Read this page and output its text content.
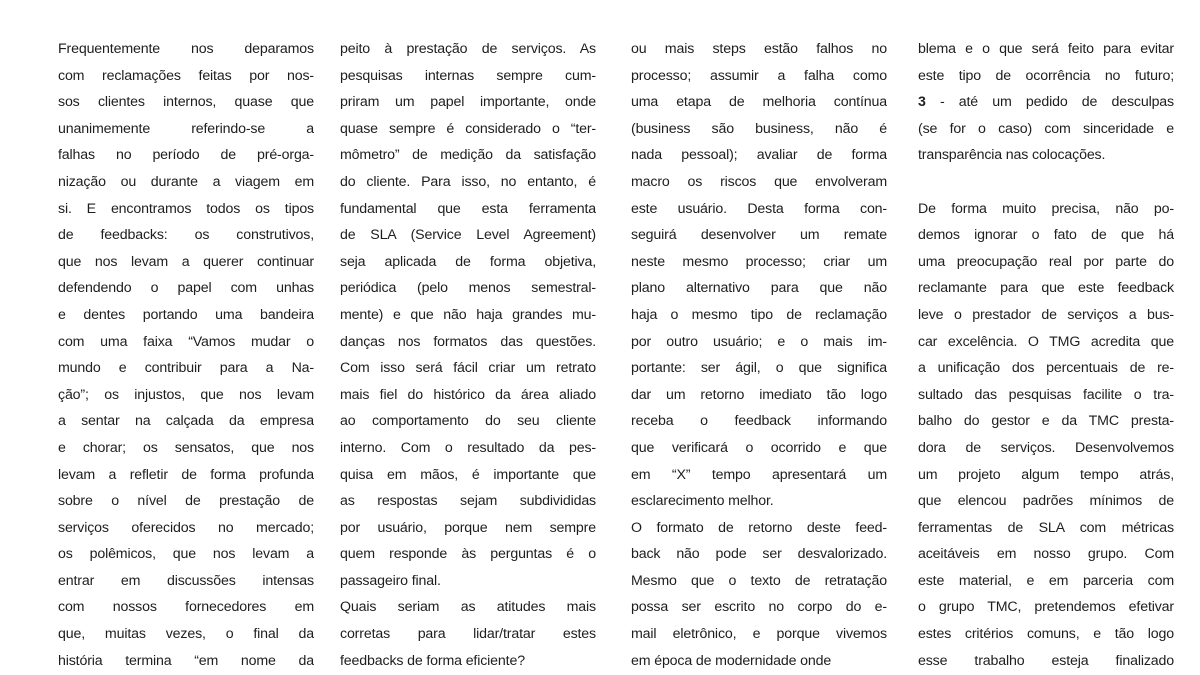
Frequentemente nos deparamos
com reclamações feitas por nos-
sos clientes internos, quase que
unanimemente referindo-se a
falhas no período de pré-orga-
nização ou durante a viagem em
si. E encontramos todos os tipos
de feedbacks: os construtivos,
que nos levam a querer continuar
defendendo o papel com unhas
e dentes portando uma bandeira
com uma faixa “Vamos mudar o
mundo e contribuir para a Na-
ção”; os injustos, que nos levam
a sentar na calçada da empresa
e chorar; os sensatos, que nos
levam a refletir de forma profunda
sobre o nível de prestação de
serviços oferecidos no mercado;
os polêmicos, que nos levam a
entrar em discussões intensas
com nossos fornecedores em
que, muitas vezes, o final da
história termina “em nome da
peito à prestação de serviços. As
pesquisas internas sempre cum-
priram um papel importante, onde
quase sempre é considerado o “ter-
mômetro” de medição da satisfação
do cliente. Para isso, no entanto, é
fundamental que esta ferramenta
de SLA (Service Level Agreement)
seja aplicada de forma objetiva,
periódica (pelo menos semestral-
mente) e que não haja grandes mu-
danças nos formatos das questões.
Com isso será fácil criar um retrato
mais fiel do histórico da área aliado
ao comportamento do seu cliente
interno. Com o resultado da pes-
quisa em mãos, é importante que
as respostas sejam subdivididas
por usuário, porque nem sempre
quem responde às perguntas é o
passageiro final.
Quais seriam as atitudes mais
corretas para lidar/tratar estes
feedbacks de forma eficiente?
ou mais steps estão falhos no
processo; assumir a falha como
uma etapa de melhoria contínua
(business são business, não é
nada pessoal); avaliar de forma
macro os riscos que envolveram
este usuário. Desta forma con-
seguirá desenvolver um remate
neste mesmo processo; criar um
plano alternativo para que não
haja o mesmo tipo de reclamação
por outro usuário; e o mais im-
portante: ser ágil, o que significa
dar um retorno imediato tão logo
receba o feedback informando
que verificará o ocorrido e que
em “X” tempo apresentará um
esclarecimento melhor.
O formato de retorno deste feed-
back não pode ser desvalorizado.
Mesmo que o texto de retratação
possa ser escrito no corpo do e-
mail eletrônico, e porque vivemos
em época de modernidade onde
blema e o que será feito para evitar
este tipo de ocorrência no futuro;
3 - até um pedido de desculpas
(se for o caso) com sinceridade e
transparência nas colocações.
De forma muito precisa, não po-
demos ignorar o fato de que há
uma preocupação real por parte do
reclamante para que este feedback
leve o prestador de serviços a bus-
car excelência. O TMG acredita que
a unificação dos percentuais de re-
sultado das pesquisas facilite o tra-
balho do gestor e da TMC presta-
dora de serviços. Desenvolvemos
um projeto algum tempo atrás,
que elencou padrões mínimos de
ferramentas de SLA com métricas
aceitáveis em nosso grupo. Com
este material, e em parceria com
o grupo TMC, pretendemos efetivar
estes critérios comuns, e tão logo
esse trabalho esteja finalizado
